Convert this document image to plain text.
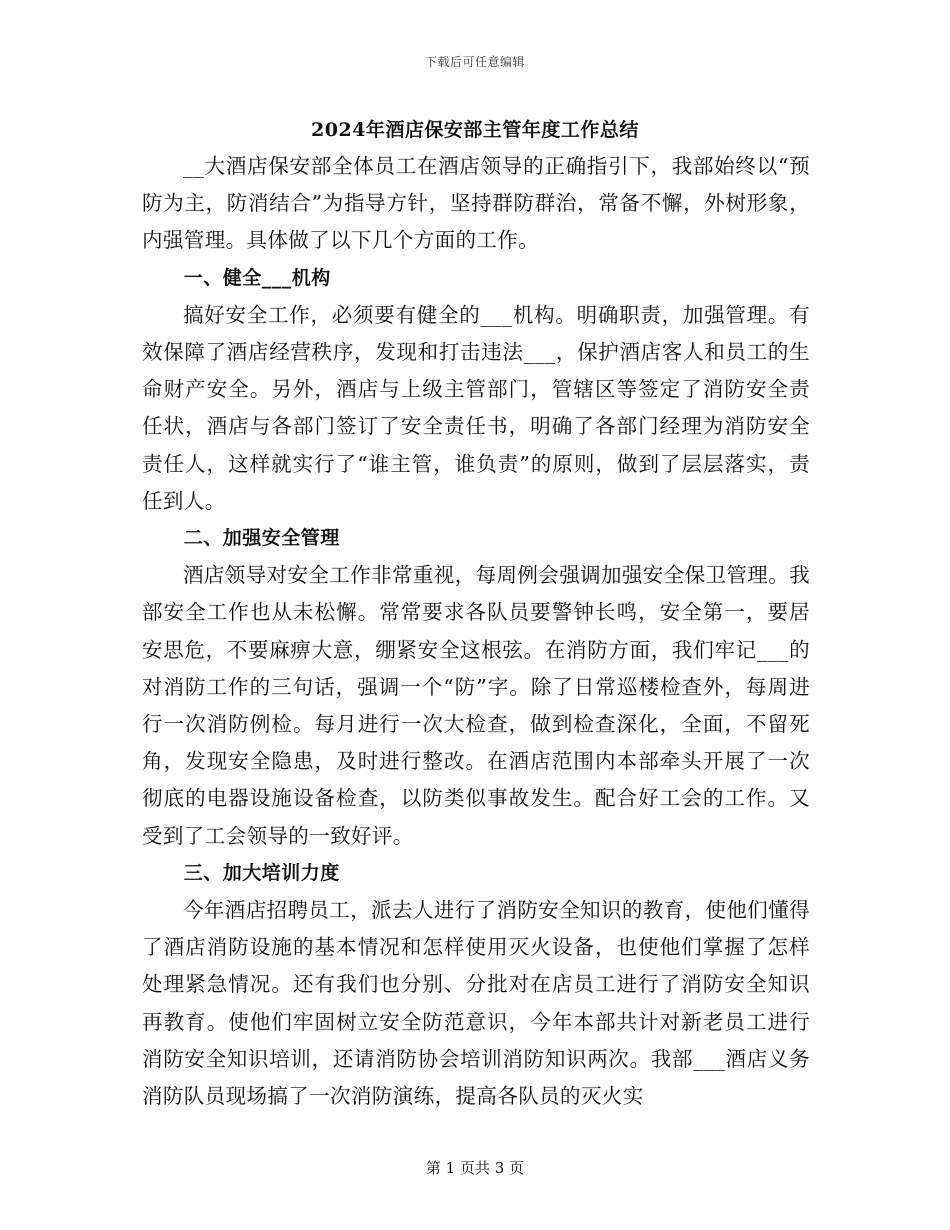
下载后可任意编辑
2024年酒店保安部主管年度工作总结

__大酒店保安部全体员工在酒店领导的正确指引下，我部始终以“预防为主，防消结合”为指导方针，坚持群防群治，常备不懈，外树形象，内强管理。具体做了以下几个方面的工作。

一、健全___机构

搞好安全工作，必须要有健全的___机构。明确职责，加强管理。有效保障了酒店经营秩序，发现和打击违法___，保护酒店客人和员工的生命财产安全。另外，酒店与上级主管部门，管辖区等签定了消防安全责任状，酒店与各部门签订了安全责任书，明确了各部门经理为消防安全责任人，这样就实行了“谁主管，谁负责”的原则，做到了层层落实，责任到人。

二、加强安全管理

酒店领导对安全工作非常重视，每周例会强调加强安全保卫管理。我部安全工作也从未松懈。常常要求各队员要警钟长鸣，安全第一，要居安思危，不要麻痹大意，绷紧安全这根弦。在消防方面，我们牢记___的对消防工作的三句话，强调一个“防”字。除了日常巡楼检查外，每周进行一次消防例检。每月进行一次大检查，做到检查深化，全面，不留死角，发现安全隐患，及时进行整改。在酒店范围内本部牵头开展了一次彻底的电器设施设备检查，以防类似事故发生。配合好工会的工作。又受到了工会领导的一致好评。

三、加大培训力度

今年酒店招聘员工，派去人进行了消防安全知识的教育，使他们懂得了酒店消防设施的基本情况和怎样使用灭火设备，也使他们掌握了怎样处理紧急情况。还有我们也分别、分批对在店员工进行了消防安全知识再教育。使他们牢固树立安全防范意识，今年本部共计对新老员工进行消防安全知识培训，还请消防协会培训消防知识两次。我部___酒店义务消防队员现场搞了一次消防演练，提高各队员的灭火实

第 1 页共 3 页
